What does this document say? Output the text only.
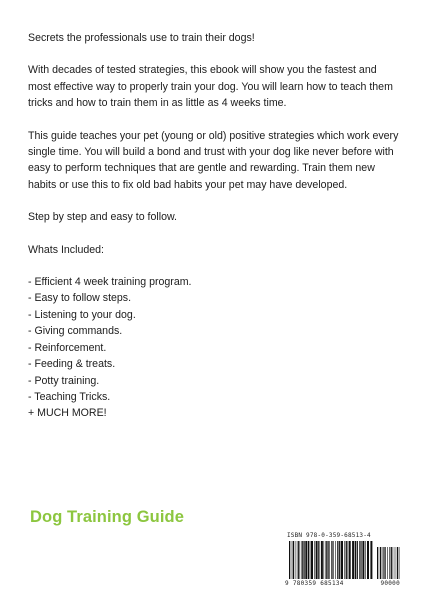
Secrets the professionals use to train their dogs!

With decades of tested strategies, this ebook will show you the fastest and most effective way to properly train your dog. You will learn how to teach them tricks and how to train them in as little as 4 weeks time.

This guide teaches your pet (young or old) positive strategies which work every single time. You will build a bond and trust with your dog like never before with easy to perform techniques that are gentle and rewarding. Train them new habits or use this to fix old bad habits your pet may have developed.

Step by step and easy to follow.

Whats Included:

- Efficient 4 week training program.
- Easy to follow steps.
- Listening to your dog.
- Giving commands.
- Reinforcement.
- Feeding & treats.
- Potty training.
- Teaching Tricks.
+ MUCH MORE!
Dog Training Guide
ISBN 978-0-359-68513-4
9 780359 685134	90000
